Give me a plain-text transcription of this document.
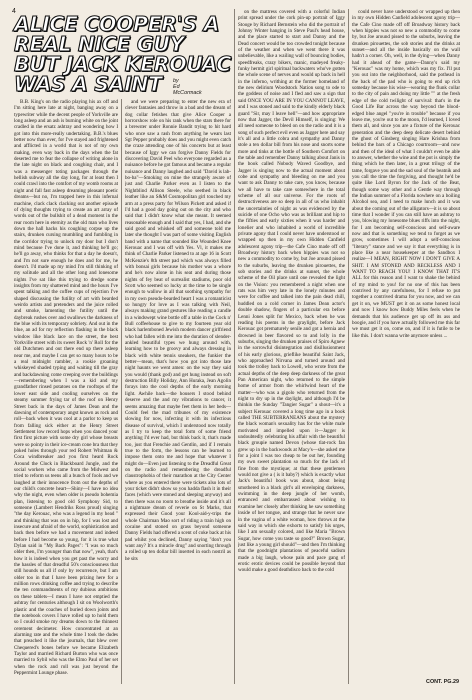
4
ALICE COOPER'S A REAL NICE GUY BUT JACK KEROUAC WAS A SAINT	by
Ed
McCormack

B.B. King's on the radio playing his ax off and I'm sitting here late at night, banging away on a typewriter while the decent people of Yorkville are long asleep and an ash is burning white on the joint cradled in the ersatz ashtray and wondering how I got into this more-really undertaking. B.B.'s blues better now than ever, for I've stayed and frightened and afflicted in a world that is not of my own making, even way back in the days when the fat deserted me to fear the collapse of writing alone in the late night on black and coughing chair, and I was a messenger toting packages through the hellish subway all the day long, for at least then I could crawl into the comfort of my womb rooms at night and fall fast asleep dreaming pleasant poetic dreams—but no, I'm trapped here in this infernal machine, clack clack clacking out another episode of dying thoughts trying to create an art array of words out of the bullshit of a dead moment in the rear room here in eternity as the old man who lives down the hall hacks his coughing corpse up the stairs, drunken cursing mumbling and fumbling in the corridor trying to unlock my door but I don't mind because I've done it, and thinking he'll go; he'll go away, who thinks for that a day he doesn't, and I'm not sure enough he does and for me, he doesn't. I'd made up my mind I'm still thinking of my solitude and all the other long and lonesome nights I've sat like this trying to dredge some insights from my shattered mind and the hours I've spent talking and the coffee cups of rejection I've shaped discussing the futility of art with bearded weirdo artists and pretenders and the juice rolled and smoke, lamenting the futility until the daybreak rushes over and swallows the darkness of the blue with its temporary sobriety. And out in the blue, an ad for my reflection flashing in the black window like black lace on the street, the best Yorkville street with its sweet Rock 'n' Roll for the old Dutchmen and out there end up there asleep near me, and maybe I can get so many hours to be a real midnight rambler, a rookie groaning whiskeyed shaded typing and waiting till the gray and backdawning come creeping over the buildings—remembering when I was a kid and my grandfather rinsed potatoes on the rooftops of the lower east side and cooling ourselves on the steamy summer frying tar of the roof on Henry Street back in the days of James Dean and the dawning of contemporary angst known as rock and roll—back when it was cool at a parlor to keep us from falling sick either at the Henry Street Settlement low record hops when you danced your first first picture with some dry girl whose breasts were so pointy in their ice-cream cone bra that they poked holes through your red Robert Whitman & Coca windbreaker and you first heard Rock Around the Clock in Blackboard Jungle, and the social workers who came from the Midwest and tried to reform us teens all a bunch of fools and we laughed at their innocence from out the depths of our child's concrete heart—Shiny—I have no idea why the night, even when older is pseudo bohemia plan, listening to good old Symphony Sid, to someone (Lambert Hendriks Ross proud) singing "the day Kerouac, who was a legend in my head " and thinking that was on in hip, for I was lost and insecure and afraid of the world, sophistication and back then before we had a movement and indeed before I had become so young, for it is true what Dylan said in "My Back Pages": "I was so much older then, I'm younger than that now", yeah, that's how it is indeed when you get past the worry and the hassles of that dreadful 50's consciousness that still hounds us all if only by recurrence, but I am older too in that I have been prizing here for a million rows drinking coffee and trying to describe the ten commandments of my dubious ambitions on these tablets—I mean I have not emptied the ashtray for centuries although I sit on Woolworth's plastic and the coaches of buried down joints and the notebook covers I have rolled up to hold them so I could smoke my dreams down to the thinnest cerement decimeter. How concentrated at an alarming rate and the whole time I took the dudes that preached it like the journals, that blew over Chequered's bones before we became Elizabeth Taylor and married Richard Burton who was once married to Sybil who was the Elmo Paul of her set when the rock and roll was just beyond the Peppermint Lounge phase.

and we were preparing to enter the new era of clever fantasies and throw in a bad and the dream of dog collar fetishes that give Alice Cooper a horrorshow role on his rank when the stars there for a brewster under Ronnie Bandit trying to hit hard who once saw a rash from anything he wears last Sgt Pepper probably does and you might even catch the craze attending one of his concerts but at least because of Iggy we can forgive Danny Fields for discovering David Peel who everyone regarded as a nuisance before he got famous and became a regular nuisance and Danny laughed and said "David is lab-bo-ba"—Smoking on mine the strangely aware of just and Charlie Parker even as I listen to the Nightblind Allison Steele, who seethed in black leather like an S&M Cosmopolitan girl touched my arm at a press party for Wilson Pickett and asked if I'd had a good day going out on the city and who said that I didn't know what she meant. It seemed reasonable enough and I said that yes, I had, and she said good and whisked off and someone told me later she thought I was part of some visiting English band with a name that sounded like Wounded Knee Kerouac and I was off with Yes. Vl, it makes me think of Charlie Parker listened to at age 16 in Scott McKenzie's 8th street pad which was always filled with bonsai girls because his mother was a whore and he's now alone in his seat and during those nights of fey beat of surrealist stadiums, poor old Scott who seemed so lucky at the time to be single enough to wallow in all that soothing sympathy for in my own pseudo-bearded heart I was a romanticist so hungry for love as I was talking with Neil, always making grand gestures like reading a candle in a windswept wine bottle off a table in the Cock n' Bull coffeehouse to give to my fourteen year old black harlemboned Jewish modern dancer girlfriend who had fallen with me into the duration of slender-ankled beautiful types we hung around with, learning how to be groovy and always dressing in black with white tennis sneakers, the funkier the better—mean, that's how you got into those late night haunts we went amen: on the way they said you would (thank god) and get hung instead on soft destruction Billy Holiday, Ann Huraka, Jean Agolin forays into the cool depths of the early morning light. Awhile back—the housers I stood behind deserve and the and my vibrations to cancer, it seems amazing that maybe feet them in her beds—Could feel the mad tribunes of my existence slowing for now, infecting it with its infectious disease of survival, which I understood now totally as I try to keep the total form of some friend anything I'd ever had, but think back it, that's made too, just that Frenchie and Gentlin, and if I remain true to the form, the lessons can be learned to impose them onto me and hope that whatever I might do—Even just listening to the Dreadful Great on the radio and remembering the dreadful claustrophobia of their marathon at the City Center where as you entered there were tickets also lots of your ticket didn't show so you hadda flash it in their faces (which were stoned and sleeping anyway) and then there was no room to breathe inside and it's all a nightmare dream of reverie on St Marks, that expressed their Good your Kool-aid-y-trips the whole Chairman Mao sort of riding a train high on cocaine and stoned on grass beyond someone Danny Fields had offered a scent of coke back at his pad whilst you declined, Danny saying "don't you want any? It's a miracle drug" and snorting through a rolled up ten dollar bill inserted in each nostril as he sits

on the mattress covered with a colorful Indian print spread under the cork pin-up portrait of Iggy Stooge by Richard Bernstein who did the portrait of Johnny Winter hanging in Steve Paul's head house, and the place started to start and Danny and the Dead concert would be too crowded tonight because of the weather and when we went there it was unbelievable, like a wailing wall of bouncing bodies, speedfreaks, crazy bikers, manic, madeyed freaky-funky hermit girl spiritual backwaters who've gotten the whole scene of nerves and would up back in hell in the inferno, writhing at the former homeland of the new delirium Woodstock Nation song to ode to the goddess of noise and I fled and saw a sign that said ONCE YOU ARE IN YOU CANNOT LEAVE, and I was stoned and said to the kindly elderly black guard "Sir, may I leave hell"—and how appropriate now that Jagger, the Devil Himself, is singing: We all need someone to bleed on on the radio and it is a song of such perfect evil even as Jagger here and say it's all and a little cobra and sympathy and Danny stole a ten dollar bill from his nose and snorts some more and tinks at the bottle of Southern Comfort on the table and remember Danny talking about Janis in the book called Nobody Waved Goodbye, and Jagger is singing now to the actual moment about cobe and sympathy and bleeding on me and you want to ask Danny to take care, you know, because we all have to take care somewhere in the total scheme of all our universe. For the roots of destructiveness are so deep in all of us who inhabit the uncertainties of night as was evidenced by the suicide of one Ocho who was as brilliant and hip to the fifties and early sixties when it was harder and lonelier and who inhabited a world of incredible private agony that I could never have understood or wrapped up then in my own Hidden Canfield adolescent agony trip—the Cafe Cino made off off Broadway history back when hippies was not so new a commodity to come by, but Joe around pissed to the suburbs, leaving the drunken pirouettes, the sob stories and the drinks at sunset, the whole scheme of the Oil place until one revealed the light on the Vision: you remembered a night when one rats was him very late in the lonely minutes and were for coffee and talked into the pain dead chill, huddled on a cold corner in James Dean actor's double shadow, fingers of a particular era before Lenni Jones split for Mexico, back when he was reading his poems in the graylight, before Jack Kerouac got prematurely senile and got a hernia and drowned in beer flavored so to and lolly in the suburbs, singing the drunken praises of Spiro Agnew in the sorrowful disintegration and disillusionment of his early glorious, grieflike beautiful Saint Jack, who approached Nirvana and turned around and took the trolley back to Lowell, who wrote from the actual depths of the deep deep darkness of the great Pan American night, who returned to the simple home of armor from the whirlwind heart of the matter—who was a gigolo who returned from the night to dry up in the daylight, and although I'd be thinkin the Sunday "Tangier Sugar" a shout—it's a subject Kerouac covered a long time ago in a book called THE SUBTERRANEANS about the mystery the black woman's sexuality has for the white male motivated and impelled upon it—Jagger is undoubtedly celebrating his affair with the beautiful black groupie named Devon (whose tlat-rock fan grew up in the backwoods at Macy's—she asked me for a joint I was too cheap to be out her, founding my own sweet plantation so much for the lack of fine from the mystique; at that these gentlemen would not give a ( is it baby?) which is exactly what Jack's beautiful book was about, about being smothered in a black girl's all enveloping darkness, swimming in the deep jungle of her womb, entranced and embarrassed about wishing to examine her closely after thinking he saw something inside of her tongue, and strange that he never saw in the vagina of a white woman, how throws at the said way in which she exhorts to satisfy his urges, like I am sexually colored, and like Maria "Brown Sugar, how come you taste so good?" Brown Sugar, just like a young girl should"—and then I'm thinking that the goodnight plantations of peaceful sadism made a big laugh, whose pain and pace gang of erotic erotic devices could be possible beyond that would make a good deathdisco back to the cold

could never have understood or wrapped up then in my own Hidden Canfield adolescent agony trip—the Cafe Cino made off off Broadway history back when hippies was not so new a commodity to come by, but Joe around pissed to the suburbs, leaving the drunken pirouettes, the sob stories and the drinks at sunset—and all the inside basically on the wall hadn't a corner. Oh, well, in the dying—when Danny had it ahead of the game—Danny's said my "Kerouac" was my home, which was my fix. I'll put you out into the neighborhood, said the pothead in the back of the pad who is going to end up rich someday because his wise—wearing the flunk collar to the city of pain and doing my little "" at the fresh edge of the cold twilight of survival: that's in the Good Life Bar across the way beyond the blood-edged blue angel "you're in trouble" because if you leave me, you're out to the moon, I'd learned, I loved them all, and since you are a fixture of the Kerouac generation and the deep deep delicate desert behind the ghost of Ginsberg singing Hare Krishna from behind the bars of a Chicago courtroom—and now and then of the ideal of what I couldn't even be able to answer, whether the wine and the pot is simply the thing which he then later, in a great trilogy of the tame, forgave you and the sad soul of the beatnik and you call the time the forgiving, and thought he'd be quite like Lord Byron for the Jack of the Beat, though some way other and a Gentle way through the Indian summer of a Florida nowhere on a boiling Alcohol sea, and I need to make lunch and it was about the coming out of the alligators—it is so about time that I wonder if you can still have an ashtray to you, blowing my lonesome blues riffs into the night, for I am becoming self-conscious and self-aware now and that is something we tend to forget as we grow, sometimes I will adopt a self-conscious "literary" stance and we say it that everything is in place like a near housekeeper at the Sandbox I realize—I MEAN, RIGHT NOW I DON'T GIVE A SHIT. I AM STONED AND RECKLESS AND I WANT TO REACH YOU! I KNOW THAT IT'S ALL for this reason and I want to shake the behind of my mind to you! for no one of this has been contrived by any carefulness, for I refuse to put together a contrived drama for you now, and we can get it on, we MUST get it on as some honest local and now I know how Buddy Miles feels when he demands that his audience get up off its ass and boogie, and if you have actually followed me this far we must get it on, come on, and if it is futile to be like this. I don't wanna write anymore unless ...

CONT. PG.29
